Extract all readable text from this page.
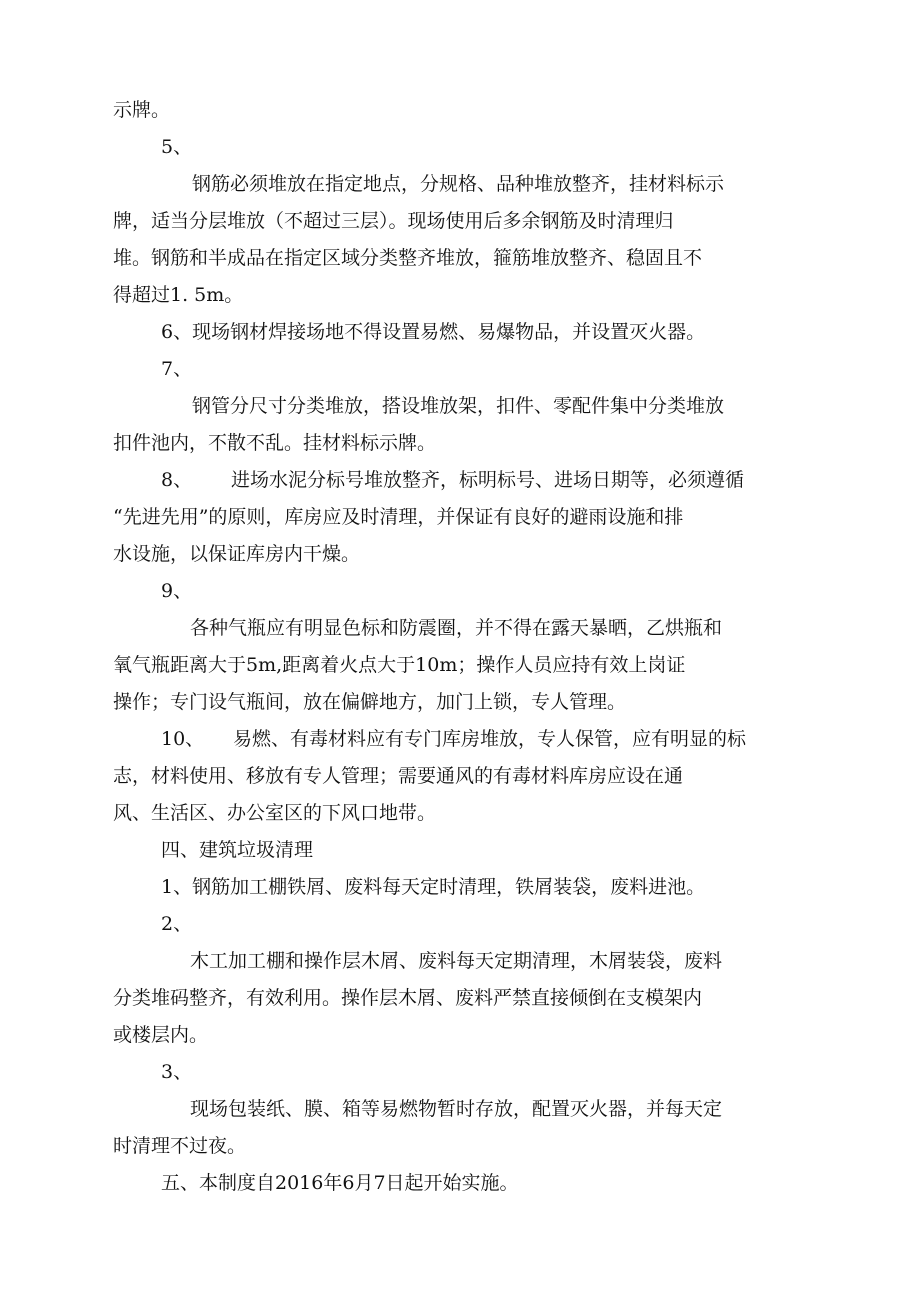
示牌。

5、

钢筋必须堆放在指定地点，分规格、品种堆放整齐，挂材料标示

牌，适当分层堆放（不超过三层）。现场使用后多余钢筋及时清理归

堆。钢筋和半成品在指定区域分类整齐堆放，箍筋堆放整齐、稳固且不

得超过1. 5m。

6、现场钢材焊接场地不得设置易燃、易爆物品，并设置灭火器。

7、

钢管分尺寸分类堆放，搭设堆放架，扣件、零配件集中分类堆放

扣件池内，不散不乱。挂材料标示牌。

8、 进场水泥分标号堆放整齐，标明标号、进场日期等，必须遵循

“先进先用”的原则，库房应及时清理，并保证有良好的避雨设施和排

水设施，以保证库房内干燥。

9、

各种气瓶应有明显色标和防震圈，并不得在露天暴晒，乙烘瓶和

氧气瓶距离大于5m,距离着火点大于10m；操作人员应持有效上岗证

操作；专门设气瓶间，放在偏僻地方，加门上锁，专人管理。

10、 易燃、有毒材料应有专门库房堆放，专人保管，应有明显的标

志，材料使用、移放有专人管理；需要通风的有毒材料库房应设在通

风、生活区、办公室区的下风口地带。

四、建筑垃圾清理

1、钢筋加工棚铁屑、废料每天定时清理，铁屑装袋，废料进池。

2、

木工加工棚和操作层木屑、废料每天定期清理，木屑装袋，废料

分类堆码整齐，有效利用。操作层木屑、废料严禁直接倾倒在支模架内

或楼层内。

3、

现场包装纸、膜、箱等易燃物暂时存放，配置灭火器，并每天定

时清理不过夜。

五、本制度自2016年6月7日起开始实施。
